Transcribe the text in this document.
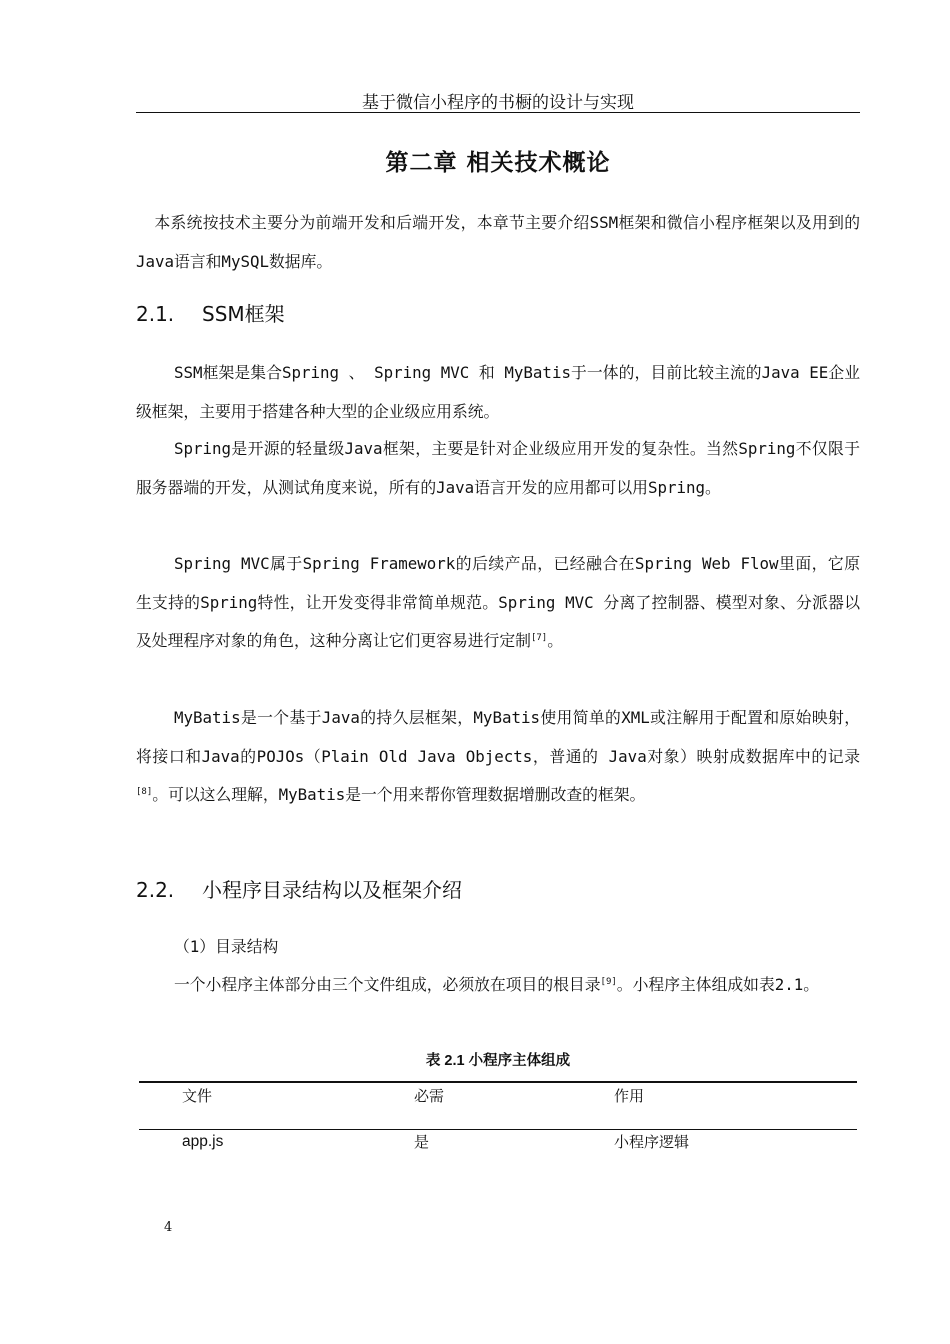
基于微信小程序的书橱的设计与实现
第二章 相关技术概论

本系统按技术主要分为前端开发和后端开发，本章节主要介绍SSM框架和微信小程序框架以及用到的Java语言和MySQL数据库。

2.1. SSM框架

SSM框架是集合Spring 、 Spring MVC 和 MyBatis于一体的，目前比较主流的Java EE企业级框架，主要用于搭建各种大型的企业级应用系统。

Spring是开源的轻量级Java框架，主要是针对企业级应用开发的复杂性。当然Spring不仅限于服务器端的开发，从测试角度来说，所有的Java语言开发的应用都可以用Spring。

Spring MVC属于Spring Framework的后续产品，已经融合在Spring Web Flow里面，它原生支持的Spring特性，让开发变得非常简单规范。Spring MVC 分离了控制器、模型对象、分派器以及处理程序对象的角色，这种分离让它们更容易进行定制[7]。

MyBatis是一个基于Java的持久层框架，MyBatis使用简单的XML或注解用于配置和原始映射，将接口和Java的POJOs（Plain Old Java Objects，普通的 Java对象）映射成数据库中的记录[8]。可以这么理解，MyBatis是一个用来帮你管理数据增删改查的框架。

2.2. 小程序目录结构以及框架介绍

（1）目录结构

一个小程序主体部分由三个文件组成，必须放在项目的根目录[9]。小程序主体组成如表2.1。

表 2.1 小程序主体组成
文件	必需	作用
app.js	是	小程序逻辑
4
